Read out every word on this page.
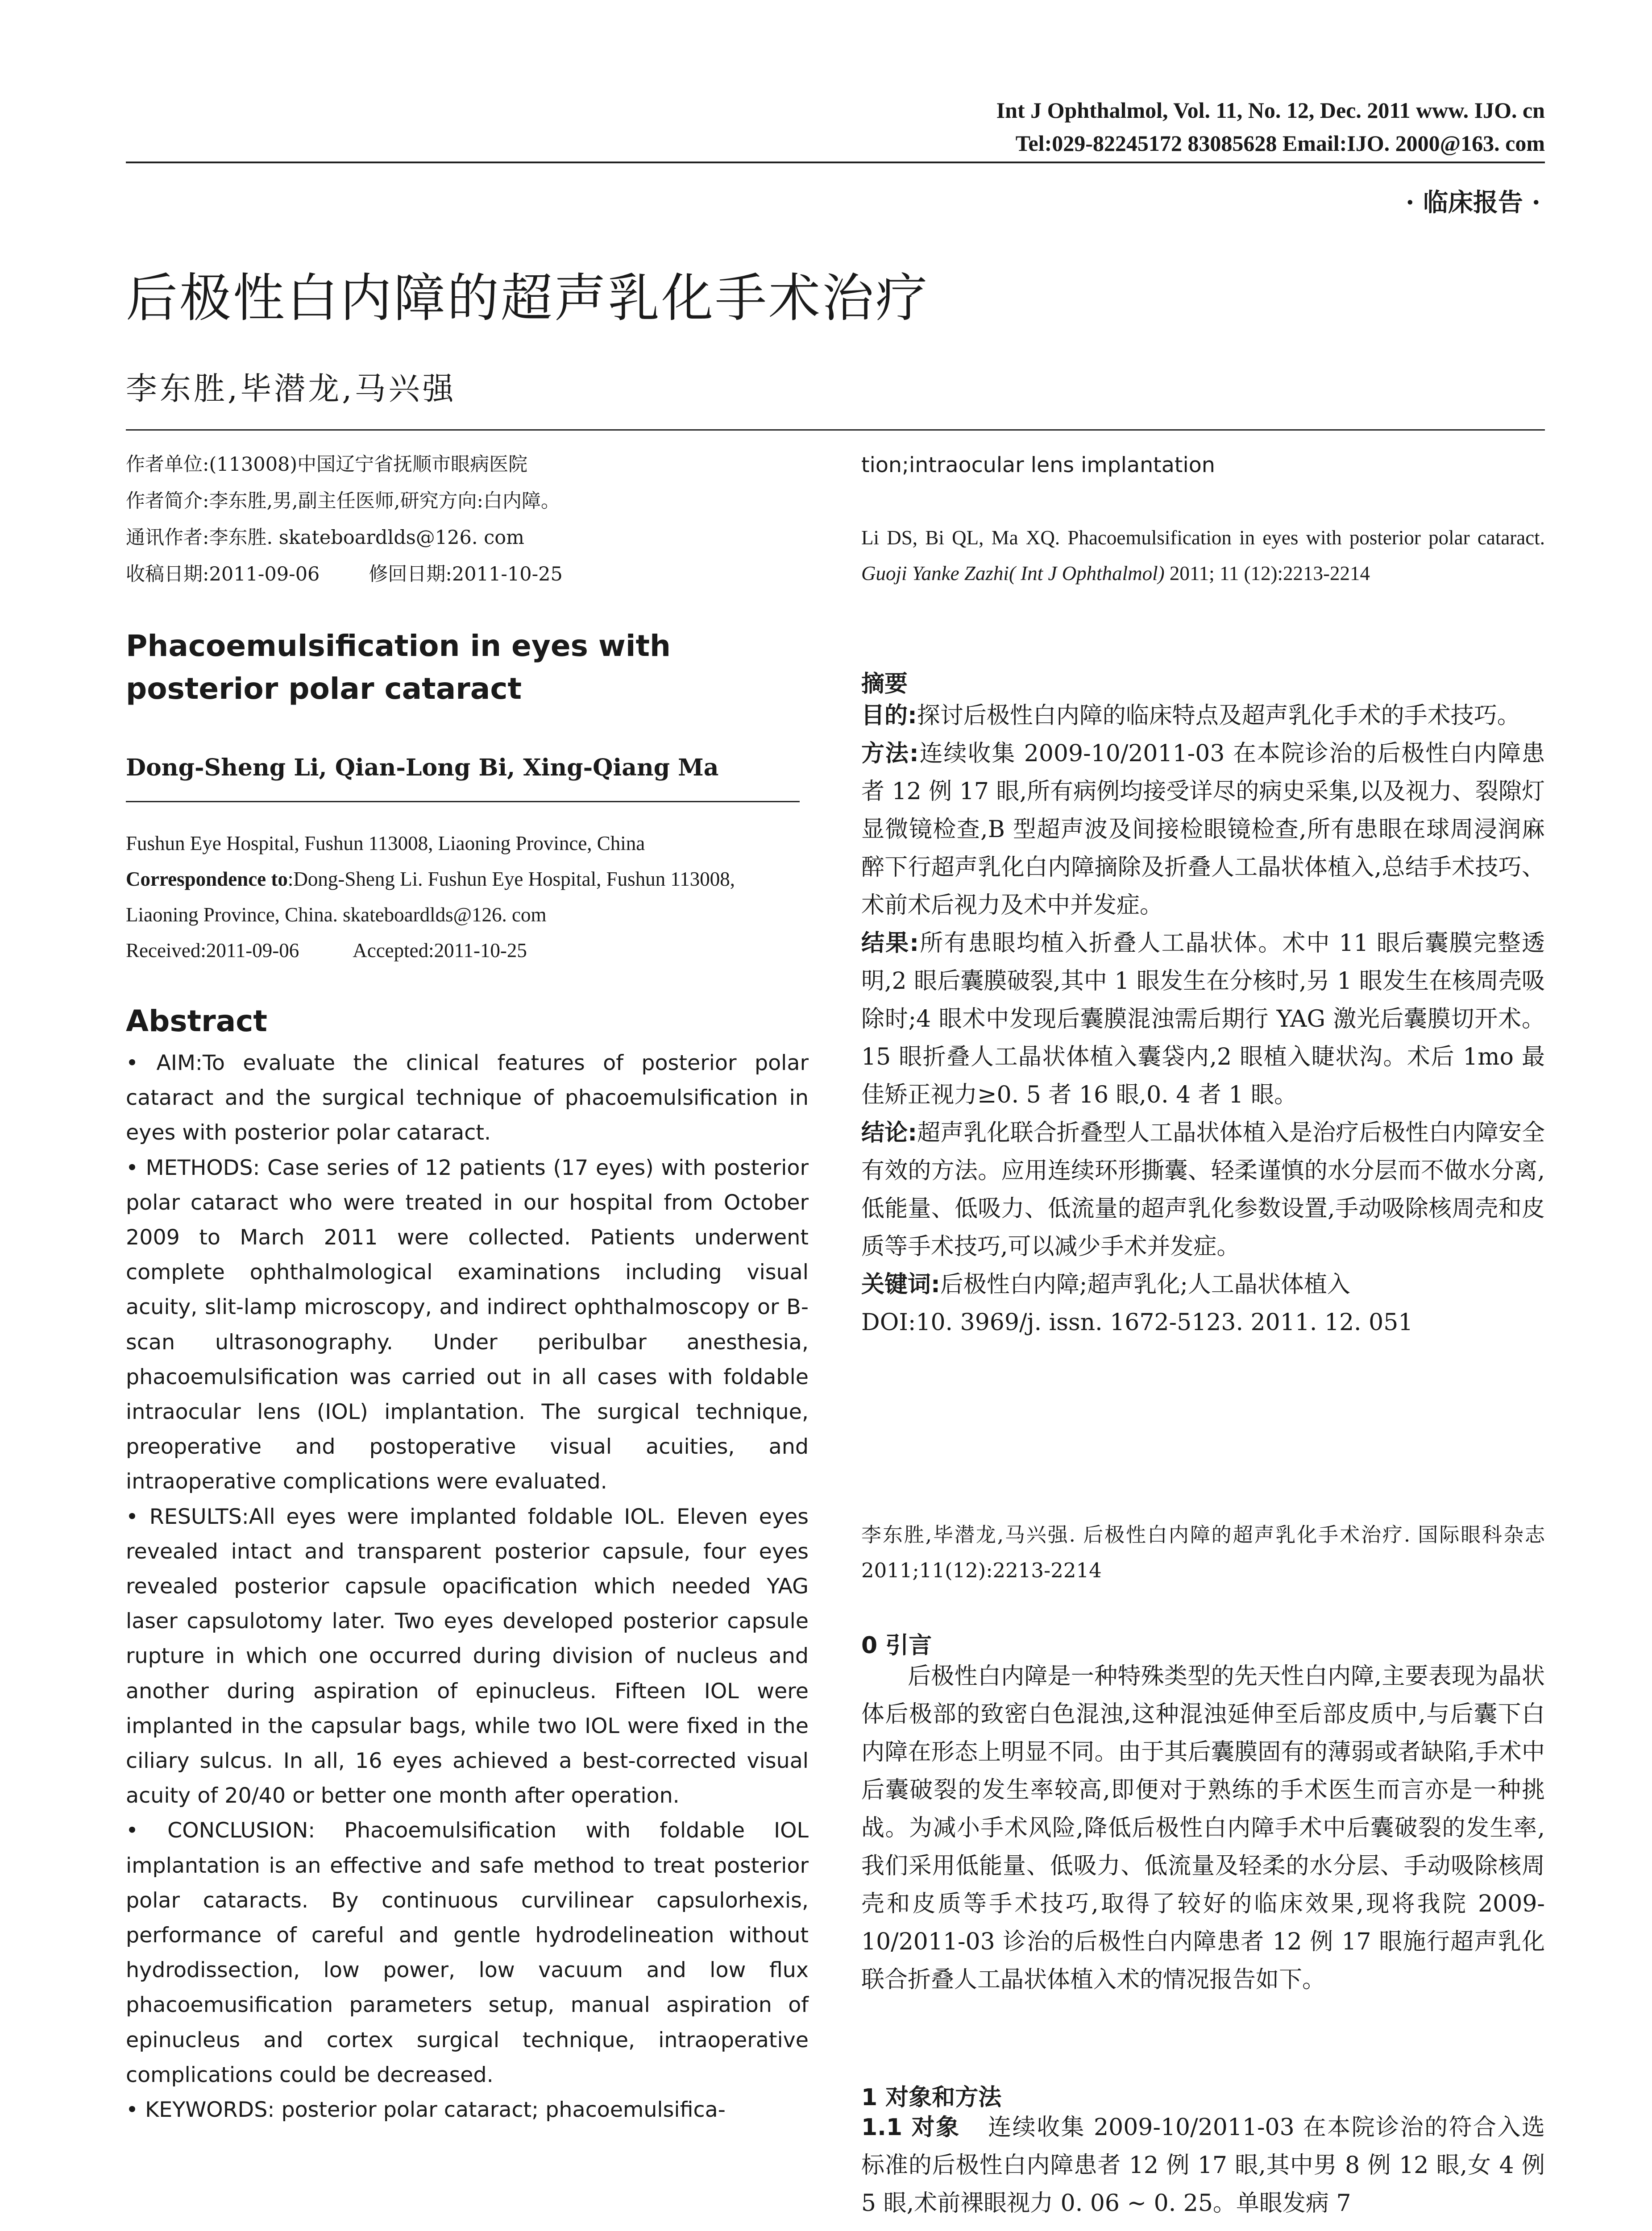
Int J Ophthalmol, Vol. 11, No. 12, Dec. 2011 www. IJO. cn
Tel:029-82245172 83085628 Email:IJO. 2000@163. com
· 临床报告 ·
后极性白内障的超声乳化手术治疗
李东胜,毕潜龙,马兴强
作者单位:(113008)中国辽宁省抚顺市眼病医院
作者简介:李东胜,男,副主任医师,研究方向:白内障。
通讯作者:李东胜. skateboardlds@126. com
收稿日期:2011-09-06	修回日期:2011-10-25
Phacoemulsification in eyes with posterior polar cataract
Dong-Sheng Li, Qian-Long Bi, Xing-Qiang Ma
Fushun Eye Hospital, Fushun 113008, Liaoning Province, China
Correspondence to:Dong-Sheng Li. Fushun Eye Hospital, Fushun 113008, Liaoning Province, China. skateboardlds@126. com
Received:2011-09-06	Accepted:2011-10-25
Abstract

• AIM:To evaluate the clinical features of posterior polar cataract and the surgical technique of phacoemulsification in eyes with posterior polar cataract.

• METHODS: Case series of 12 patients (17 eyes) with posterior polar cataract who were treated in our hospital from October 2009 to March 2011 were collected. Patients underwent complete ophthalmological examinations including visual acuity, slit-lamp microscopy, and indirect ophthalmoscopy or B-scan ultrasonography. Under peribulbar anesthesia, phacoemulsification was carried out in all cases with foldable intraocular lens (IOL) implantation. The surgical technique, preoperative and postoperative visual acuities, and intraoperative complications were evaluated.

• RESULTS:All eyes were implanted foldable IOL. Eleven eyes revealed intact and transparent posterior capsule, four eyes revealed posterior capsule opacification which needed YAG laser capsulotomy later. Two eyes developed posterior capsule rupture in which one occurred during division of nucleus and another during aspiration of epinucleus. Fifteen IOL were implanted in the capsular bags, while two IOL were fixed in the ciliary sulcus. In all, 16 eyes achieved a best-corrected visual acuity of 20/40 or better one month after operation.

• CONCLUSION: Phacoemulsification with foldable IOL implantation is an effective and safe method to treat posterior polar cataracts. By continuous curvilinear capsulorhexis, performance of careful and gentle hydrodelineation without hydrodissection, low power, low vacuum and low flux phacoemusification parameters setup, manual aspiration of epinucleus and cortex surgical technique, intraoperative complications could be decreased.

• KEYWORDS: posterior polar cataract; phacoemulsifica-

tion;intraocular lens implantation
Li DS, Bi QL, Ma XQ. Phacoemulsification in eyes with posterior polar cataract. Guoji Yanke Zazhi( Int J Ophthalmol) 2011; 11 (12):2213-2214
摘要

目的:探讨后极性白内障的临床特点及超声乳化手术的手术技巧。

方法:连续收集 2009-10/2011-03 在本院诊治的后极性白内障患者 12 例 17 眼,所有病例均接受详尽的病史采集,以及视力、裂隙灯显微镜检查,B 型超声波及间接检眼镜检查,所有患眼在球周浸润麻醉下行超声乳化白内障摘除及折叠人工晶状体植入,总结手术技巧、术前术后视力及术中并发症。

结果:所有患眼均植入折叠人工晶状体。术中 11 眼后囊膜完整透明,2 眼后囊膜破裂,其中 1 眼发生在分核时,另 1 眼发生在核周壳吸除时;4 眼术中发现后囊膜混浊需后期行 YAG 激光后囊膜切开术。15 眼折叠人工晶状体植入囊袋内,2 眼植入睫状沟。术后 1mo 最佳矫正视力≥0. 5 者 16 眼,0. 4 者 1 眼。

结论:超声乳化联合折叠型人工晶状体植入是治疗后极性白内障安全有效的方法。应用连续环形撕囊、轻柔谨慎的水分层而不做水分离,低能量、低吸力、低流量的超声乳化参数设置,手动吸除核周壳和皮质等手术技巧,可以减少手术并发症。

关键词:后极性白内障;超声乳化;人工晶状体植入

DOI:10. 3969/j. issn. 1672-5123. 2011. 12. 051

李东胜,毕潜龙,马兴强. 后极性白内障的超声乳化手术治疗. 国际眼科杂志 2011;11(12):2213-2214
0 引言

后极性白内障是一种特殊类型的先天性白内障,主要表现为晶状体后极部的致密白色混浊,这种混浊延伸至后部皮质中,与后囊下白内障在形态上明显不同。由于其后囊膜固有的薄弱或者缺陷,手术中后囊破裂的发生率较高,即便对于熟练的手术医生而言亦是一种挑战。为减小手术风险,降低后极性白内障手术中后囊破裂的发生率,我们采用低能量、低吸力、低流量及轻柔的水分层、手动吸除核周壳和皮质等手术技巧,取得了较好的临床效果,现将我院 2009-10/2011-03 诊治的后极性白内障患者 12 例 17 眼施行超声乳化联合折叠人工晶状体植入术的情况报告如下。

1 对象和方法

1.1 对象 连续收集 2009-10/2011-03 在本院诊治的符合入选标准的后极性白内障患者 12 例 17 眼,其中男 8 例 12 眼,女 4 例 5 眼,术前裸眼视力 0. 06 ~ 0. 25。单眼发病 7
